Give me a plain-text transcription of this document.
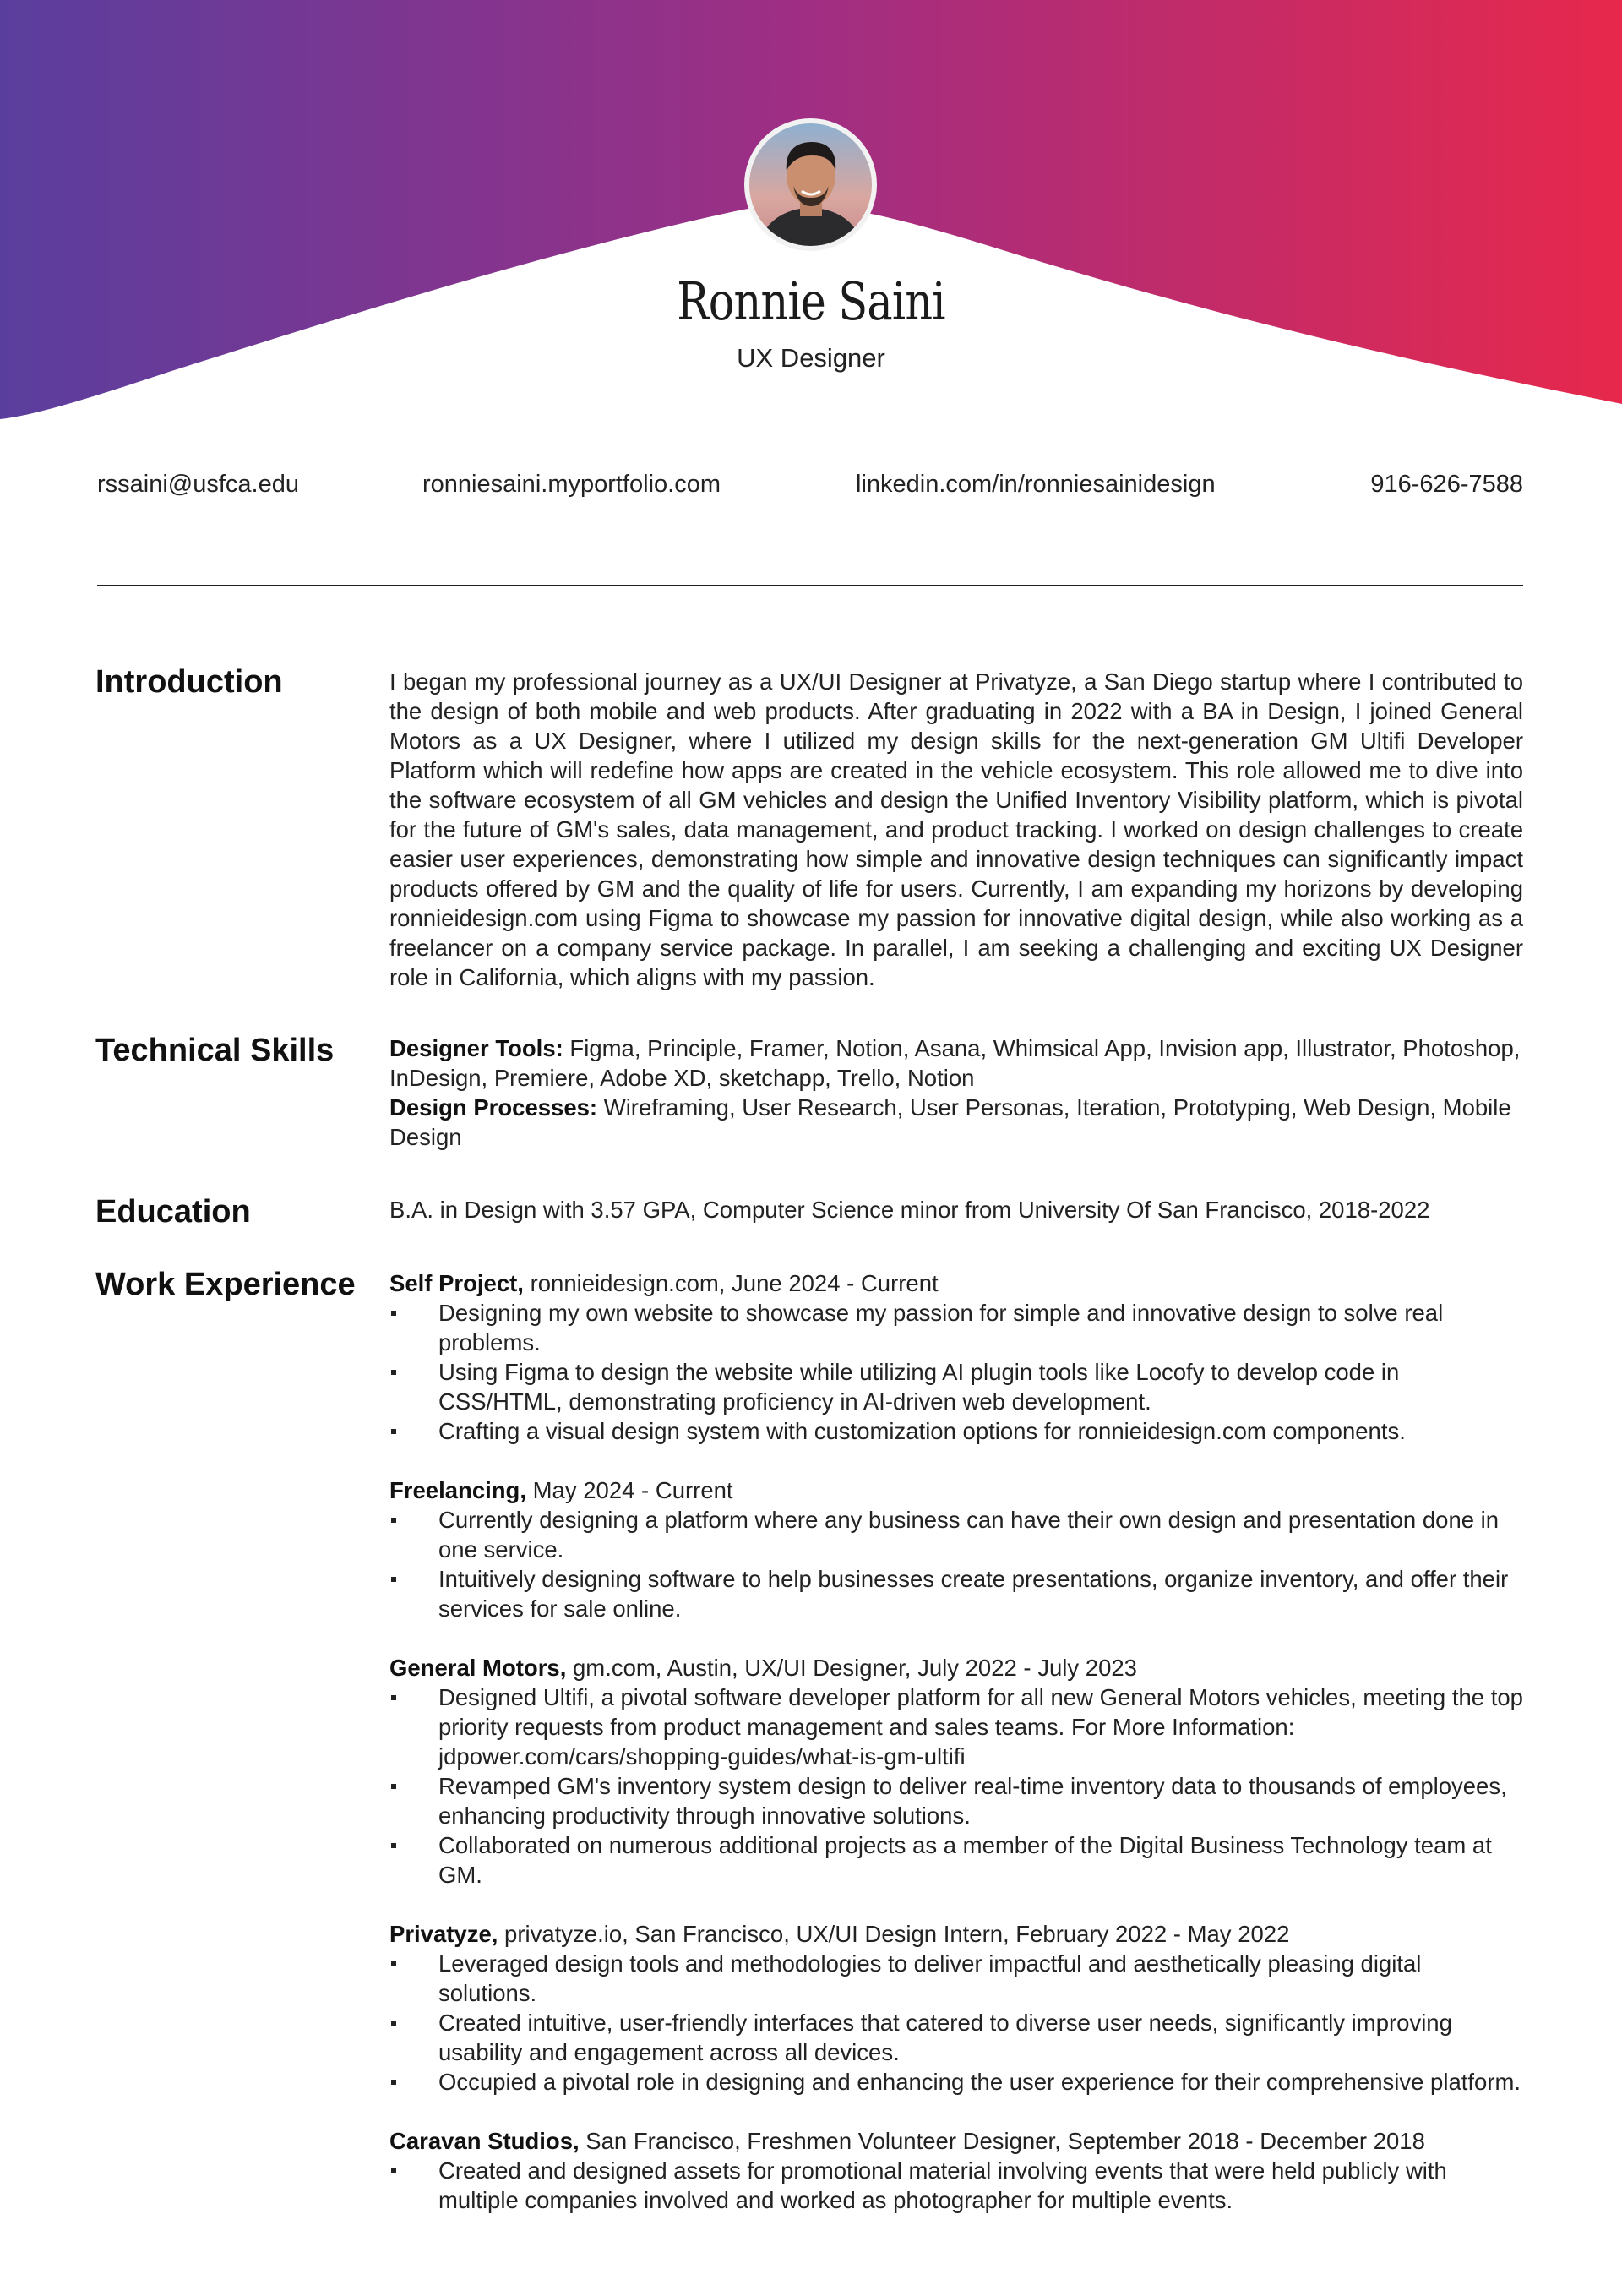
Ronnie Saini
UX Designer
rssaini@usfca.edu	ronniesaini.myportfolio.com	linkedin.com/in/ronniesainidesign	916-626-7588
Introduction	I began my professional journey as a UX/UI Designer at Privatyze, a San Diego startup where I contributed to the design of both mobile and web products. After graduating in 2022 with a BA in Design, I joined General Motors as a UX Designer, where I utilized my design skills for the next-generation GM Ultifi Developer Platform which will redefine how apps are created in the vehicle ecosystem. This role allowed me to dive into the software ecosystem of all GM vehicles and design the Unified Inventory Visibility platform, which is pivotal for the future of GM's sales, data management, and product tracking. I worked on design challenges to create easier user experiences, demonstrating how simple and innovative design techniques can significantly impact products offered by GM and the quality of life for users. Currently, I am expanding my horizons by developing ronnieidesign.com using Figma to showcase my passion for innovative digital design, while also working as a freelancer on a company service package. In parallel, I am seeking a challenging and exciting UX Designer role in California, which aligns with my passion.
Technical Skills Designer Tools: Figma, Principle, Framer, Notion, Asana, Whimsical App, Invision app, Illustrator, Photoshop, InDesign, Premiere, Adobe XD, sketchapp, Trello, Notion
Design Processes: Wireframing, User Research, User Personas, Iteration, Prototyping, Web Design, Mobile Design
Education	B.A. in Design with 3.57 GPA, Computer Science minor from University Of San Francisco, 2018-2022
Work Experience Self Project, ronnieidesign.com, June 2024 - Current
Designing my own website to showcase my passion for simple and innovative design to solve real problems.
Using Figma to design the website while utilizing AI plugin tools like Locofy to develop code in CSS/HTML, demonstrating proficiency in AI-driven web development.
Crafting a visual design system with customization options for ronnieidesign.com components.
Freelancing, May 2024 - Current
Currently designing a platform where any business can have their own design and presentation done in one service.
Intuitively designing software to help businesses create presentations, organize inventory, and offer their services for sale online.
General Motors, gm.com, Austin, UX/UI Designer, July 2022 - July 2023
Designed Ultifi, a pivotal software developer platform for all new General Motors vehicles, meeting the top priority requests from product management and sales teams. For More Information: jdpower.com/cars/shopping-guides/what-is-gm-ultifi
Revamped GM's inventory system design to deliver real-time inventory data to thousands of employees, enhancing productivity through innovative solutions.
Collaborated on numerous additional projects as a member of the Digital Business Technology team at GM.
Privatyze, privatyze.io, San Francisco, UX/UI Design Intern, February 2022 - May 2022
Leveraged design tools and methodologies to deliver impactful and aesthetically pleasing digital solutions.
Created intuitive, user-friendly interfaces that catered to diverse user needs, significantly improving usability and engagement across all devices.
Occupied a pivotal role in designing and enhancing the user experience for their comprehensive platform.
Caravan Studios, San Francisco, Freshmen Volunteer Designer, September 2018 - December 2018
Created and designed assets for promotional material involving events that were held publicly with multiple companies involved and worked as photographer for multiple events.
